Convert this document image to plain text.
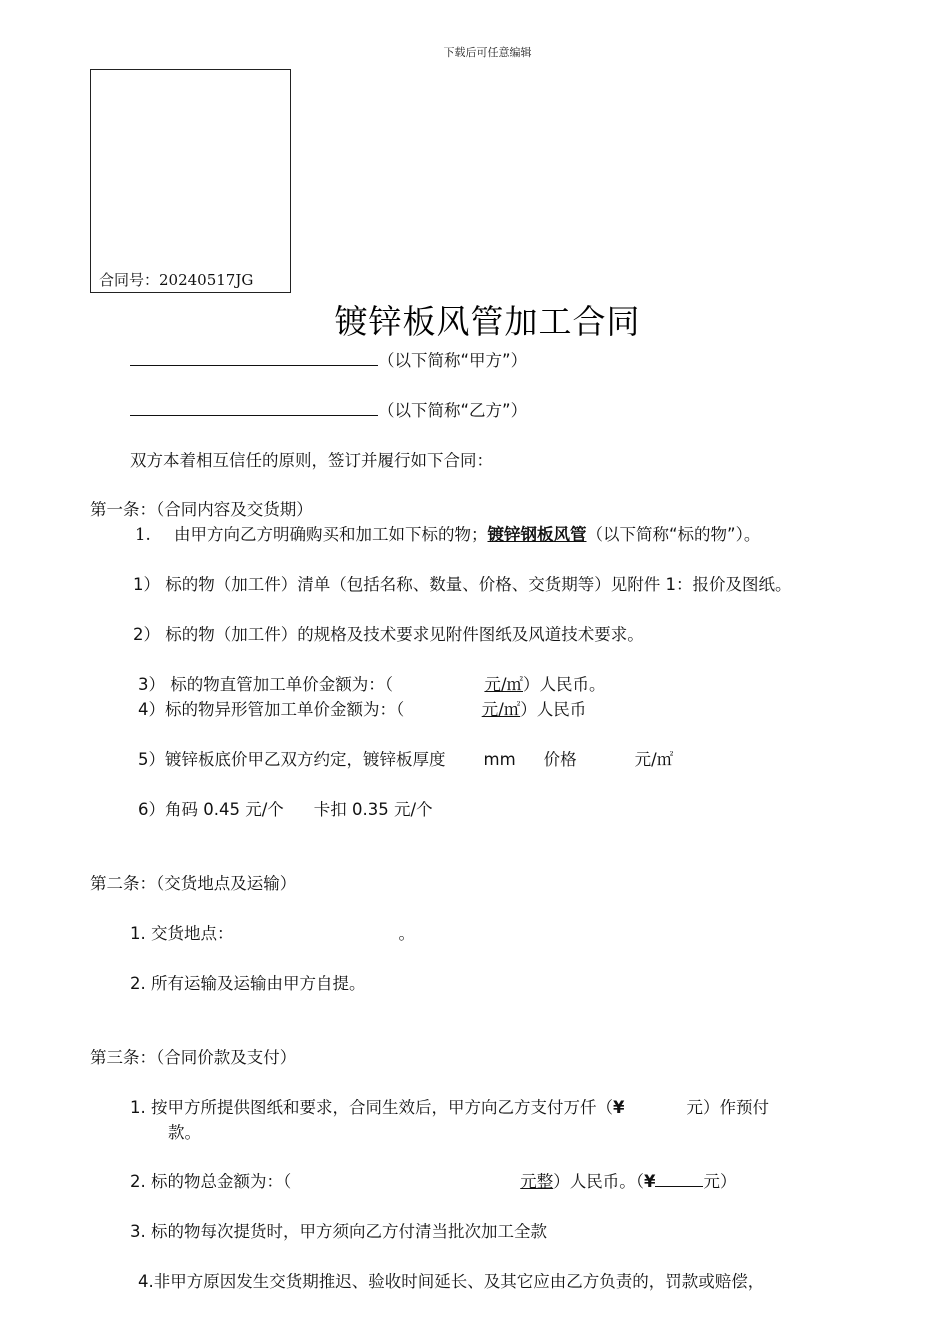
下载后可任意编辑
合同号：20240517JG
镀锌板风管加工合同
（以下简称“甲方”）
（以下简称“乙方”）
双方本着相互信任的原则，签订并履行如下合同：
第一条：（合同内容及交货期）
1. 由甲方向乙方明确购买和加工如下标的物；镀锌钢板风管（以下简称“标的物”）。
1） 标的物（加工件）清单（包括名称、数量、价格、交货期等）见附件 1：报价及图纸。
2） 标的物（加工件）的规格及技术要求见附件图纸及风道技术要求。
3） 标的物直管加工单价金额为：（	元/㎡）人民币。
4）标的物异形管加工单价金额为：（	元/㎡）人民币
5）镀锌板底价甲乙双方约定，镀锌板厚度 mm 价格	元/㎡
6）角码 0.45 元/个 卡扣 0.35 元/个
第二条：（交货地点及运输）
1. 交货地点：	。
2. 所有运输及运输由甲方自提。
第三条：（合同价款及支付）
1. 按甲方所提供图纸和要求，合同生效后，甲方向乙方支付万仟（¥	元）作预付
款。
2. 标的物总金额为：（	元整）人民币。（¥	元）
3. 标的物每次提货时，甲方须向乙方付清当批次加工全款
4.非甲方原因发生交货期推迟、验收时间延长、及其它应由乙方负责的，罚款或赔偿，
